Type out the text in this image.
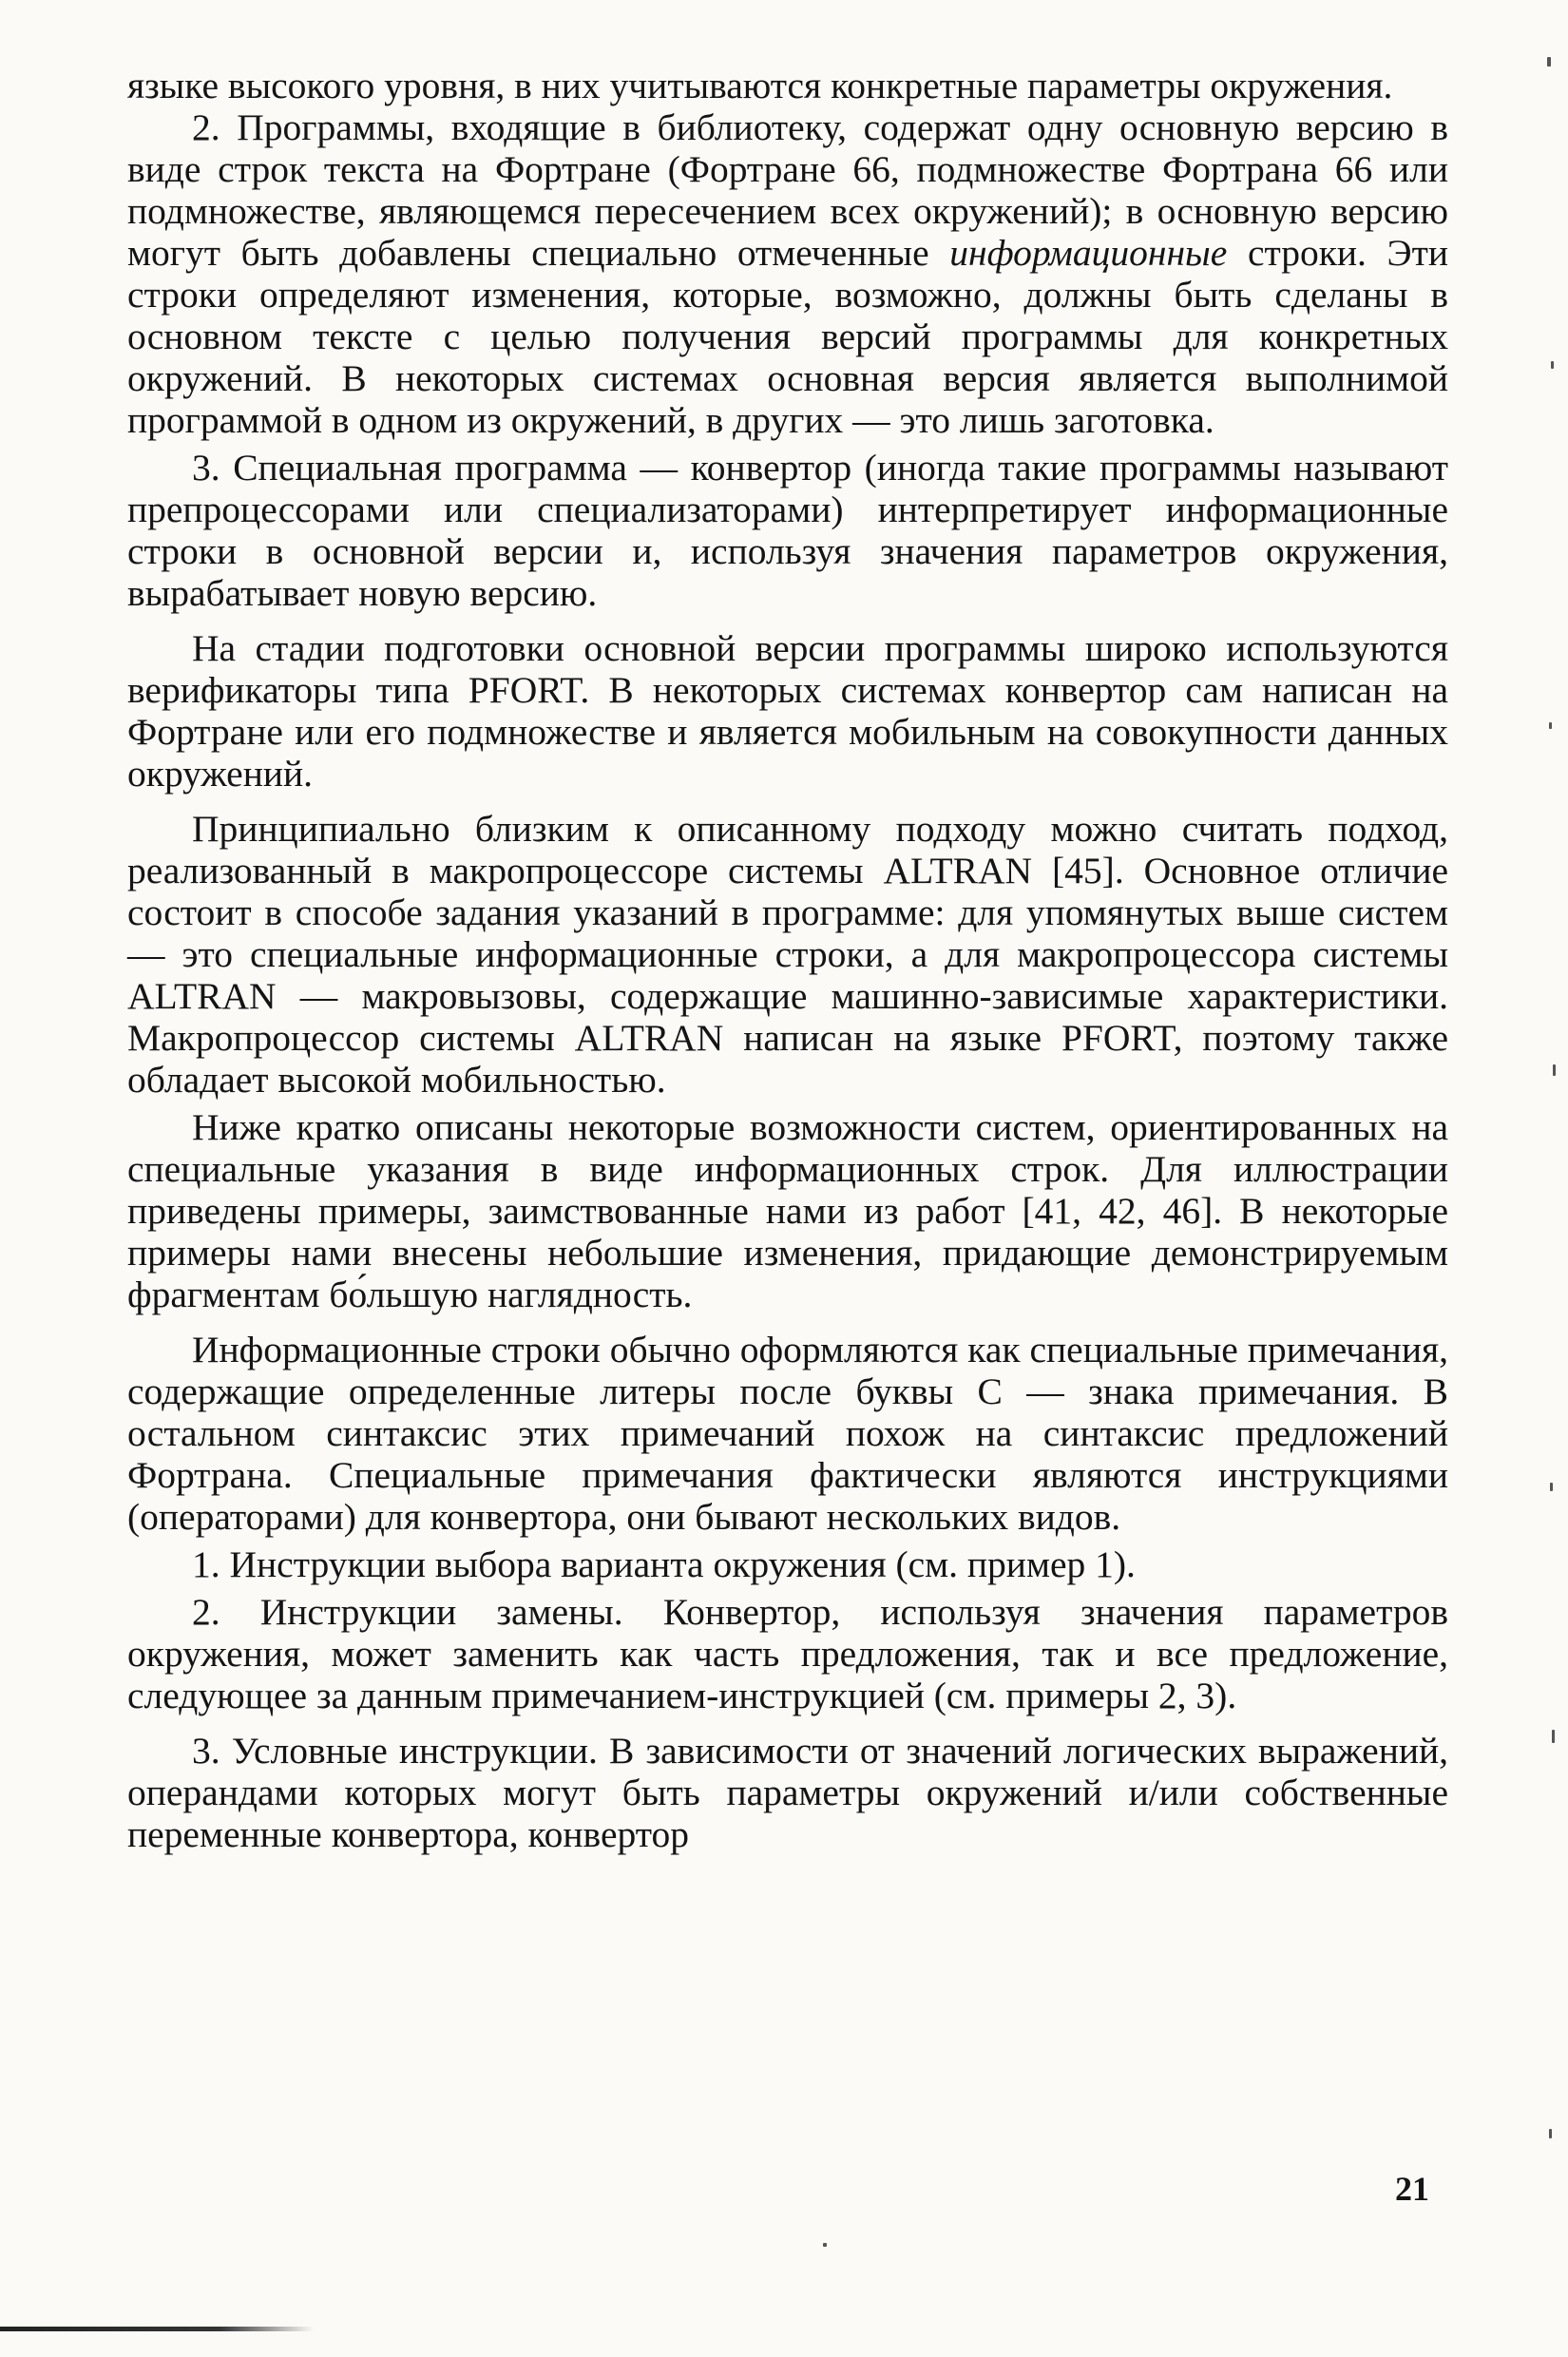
языке высокого уровня, в них учитываются конкретные параметры окружения.

2. Программы, входящие в библиотеку, содержат одну основную версию в виде строк текста на Фортране (Фортране 66, подмножестве Фортрана 66 или подмножестве, являющемся пересечением всех окружений); в основную версию могут быть добавлены специально отмеченные информационные строки. Эти строки определяют изменения, которые, возможно, должны быть сделаны в основном тексте с целью получения версий программы для конкретных окружений. В некоторых системах основная версия является выполнимой программой в одном из окружений, в других — это лишь заготовка.

3. Специальная программа — конвертор (иногда такие программы называют препроцессорами или специализаторами) интерпретирует информационные строки в основной версии и, используя значения параметров окружения, вырабатывает новую версию.

На стадии подготовки основной версии программы широко используются верификаторы типа PFORT. В некоторых системах конвертор сам написан на Фортране или его подмножестве и является мобильным на совокупности данных окружений.

Принципиально близким к описанному подходу можно считать подход, реализованный в макропроцессоре системы ALTRAN [45]. Основное отличие состоит в способе задания указаний в программе: для упомянутых выше систем — это специальные информационные строки, а для макропроцессора системы ALTRAN — макровызовы, содержащие машинно-зависимые характеристики. Макропроцессор системы ALTRAN написан на языке PFORT, поэтому также обладает высокой мобильностью.

Ниже кратко описаны некоторые возможности систем, ориентированных на специальные указания в виде информационных строк. Для иллюстрации приведены примеры, заимствованные нами из работ [41, 42, 46]. В некоторые примеры нами внесены небольшие изменения, придающие демонстрируемым фрагментам бо́льшую наглядность.

Информационные строки обычно оформляются как специальные примечания, содержащие определенные литеры после буквы С — знака примечания. В остальном синтаксис этих примечаний похож на синтаксис предложений Фортрана. Специальные примечания фактически являются инструкциями (операторами) для конвертора, они бывают нескольких видов.

1. Инструкции выбора варианта окружения (см. пример 1).

2. Инструкции замены. Конвертор, используя значения параметров окружения, может заменить как часть предложения, так и все предложение, следующее за данным примечанием-инструкцией (см. примеры 2, 3).

3. Условные инструкции. В зависимости от значений логических выражений, операндами которых могут быть параметры окружений и/или собственные переменные конвертора, конвертор

21
